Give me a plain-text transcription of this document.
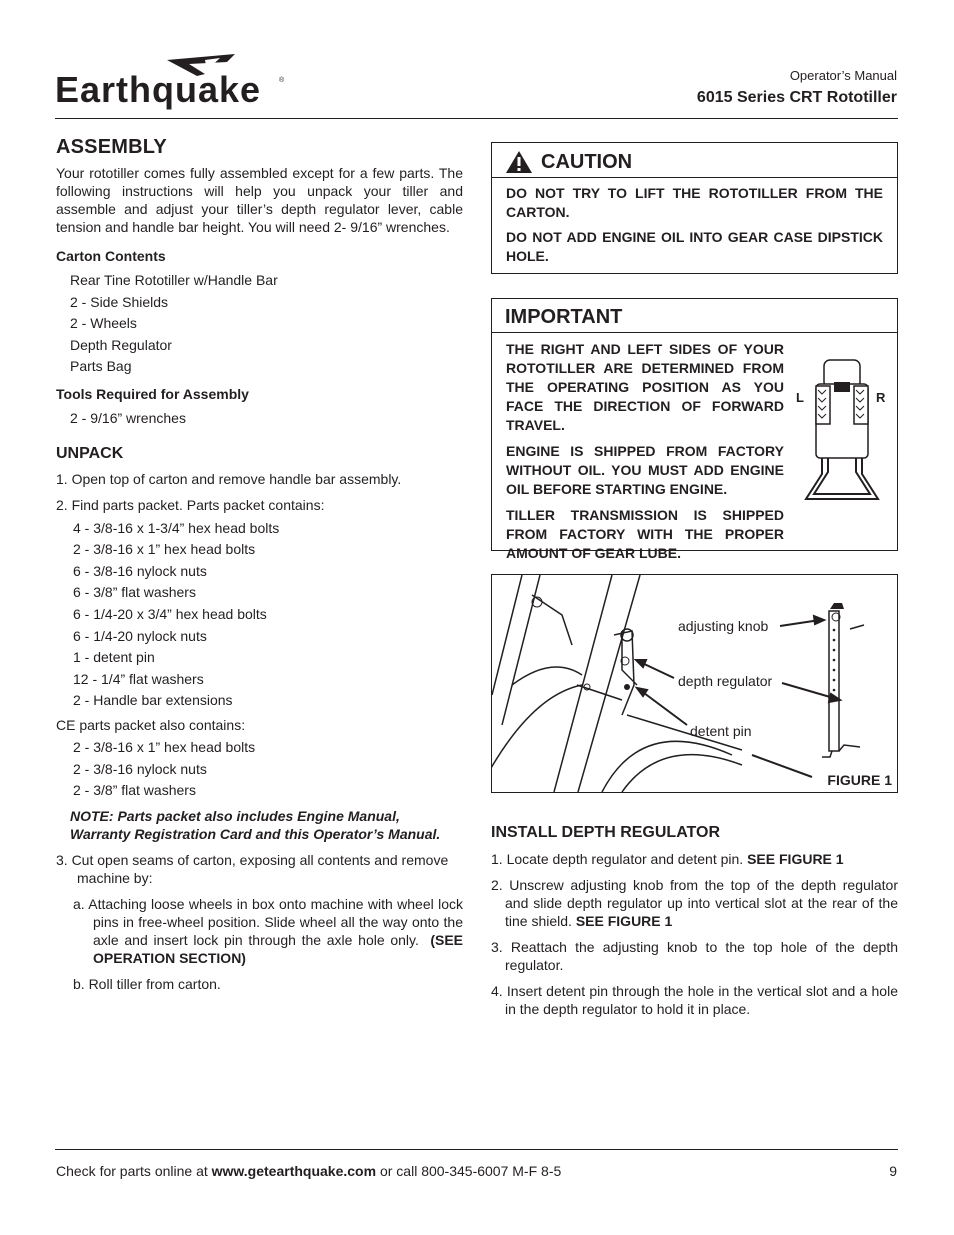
Earthquake	®	Operator’s Manual
6015 Series CRT Rototiller
ASSEMBLY

Your rototiller comes fully assembled except for a few parts. The following instructions will help you unpack your tiller and assemble and adjust your tiller’s depth regulator lever, cable tension and handle bar height. You will need 2- 9/16” wrenches.

Carton Contents

Rear Tine Rototiller w/Handle Bar
2 - Side Shields
2 - Wheels
Depth Regulator
Parts Bag

Tools Required for Assembly

2 - 9/16” wrenches
UNPACK

1. Open top of carton and remove handle bar assembly.

2. Find parts packet. Parts packet contains:

4 - 3/8-16 x 1-3/4” hex head bolts
2 - 3/8-16 x 1” hex head bolts
6 - 3/8-16 nylock nuts
6 - 3/8” flat washers
6 - 1/4-20 x 3/4” hex head bolts
6 - 1/4-20 nylock nuts
1 - detent pin
12 - 1/4” flat washers
2 - Handle bar extensions

CE parts packet also contains:

2 - 3/8-16 x 1” hex head bolts
2 - 3/8-16 nylock nuts
2 - 3/8” flat washers

NOTE: Parts packet also includes Engine Manual, Warranty Registration Card and this Operator’s Manual.

3. Cut open seams of carton, exposing all contents and remove machine by:

a. Attaching loose wheels in box onto machine with wheel lock pins in free-wheel position. Slide wheel all the way onto the axle and insert lock pin through the axle hole only. (SEE OPERATION SECTION)

b. Roll tiller from carton.

CAUTION

DO NOT TRY TO LIFT THE ROTOTILLER FROM THE CARTON.

DO NOT ADD ENGINE OIL INTO GEAR CASE DIPSTICK HOLE.

IMPORTANT

THE RIGHT AND LEFT SIDES OF YOUR ROTOTILLER ARE DETERMINED FROM THE OPERATING POSITION AS YOU FACE THE DIRECTION OF FORWARD TRAVEL.

ENGINE IS SHIPPED FROM FACTORY WITHOUT OIL. YOU MUST ADD ENGINE OIL BEFORE STARTING ENGINE.

TILLER TRANSMISSION IS SHIPPED FROM FACTORY WITH THE PROPER AMOUNT OF GEAR LUBE.

L	R
adjusting knob
depth regulator
detent pin
FIGURE 1
INSTALL DEPTH REGULATOR

1. Locate depth regulator and detent pin. SEE FIGURE 1

2. Unscrew adjusting knob from the top of the depth regulator and slide depth regulator up into vertical slot at the rear of the tine shield. SEE FIGURE 1

3. Reattach the adjusting knob to the top hole of the depth regulator.

4. Insert detent pin through the hole in the vertical slot and a hole in the depth regulator to hold it in place.

Check for parts online at www.getearthquake.com or call 800-345-6007 M-F 8-5	9
